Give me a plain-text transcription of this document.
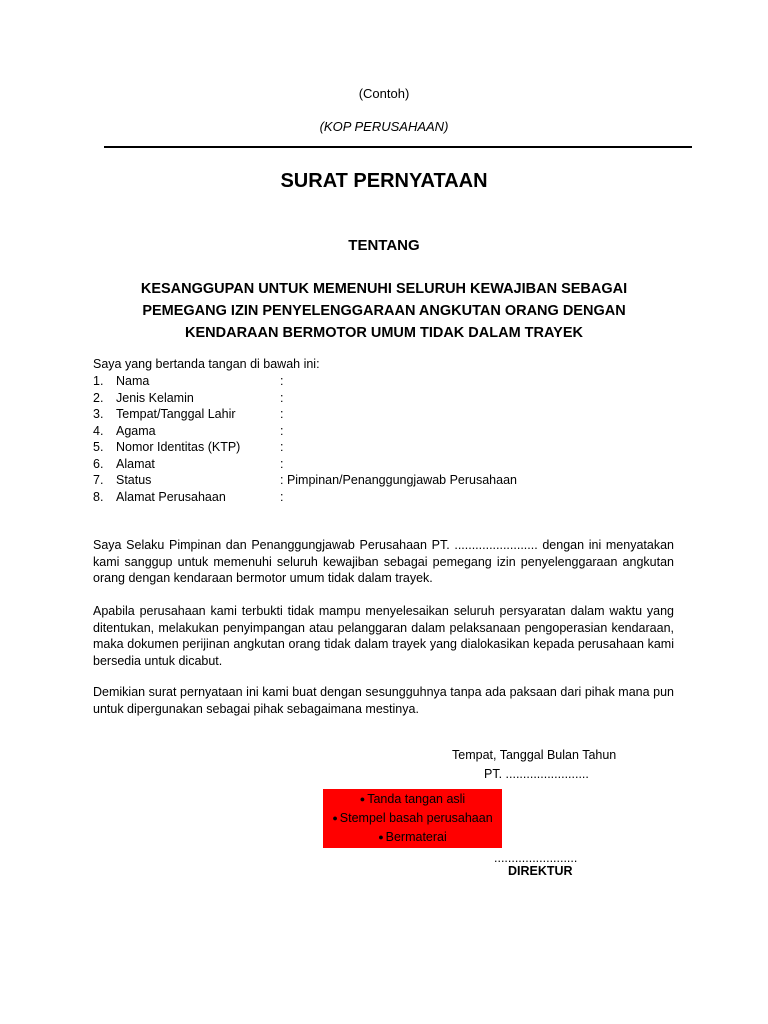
(Contoh)
(KOP PERUSAHAAN)
SURAT PERNYATAAN
TENTANG
KESANGGUPAN UNTUK MEMENUHI SELURUH KEWAJIBAN SEBAGAI
PEMEGANG IZIN PENYELENGGARAAN ANGKUTAN ORANG DENGAN
KENDARAAN BERMOTOR UMUM TIDAK DALAM TRAYEK
Saya yang bertanda tangan di bawah ini:
1.	Nama	:
2.	Jenis Kelamin	:
3.	Tempat/Tanggal Lahir	:
4.	Agama	:
5.	Nomor Identitas (KTP)	:
6.	Alamat	:
7.	Status	: Pimpinan/Penanggungjawab Perusahaan
8.	Alamat Perusahaan	:
Saya Selaku Pimpinan dan Penanggungjawab Perusahaan PT. ........................ dengan ini menyatakan kami sanggup untuk memenuhi seluruh kewajiban sebagai pemegang izin penyelenggaraan angkutan orang dengan kendaraan bermotor umum tidak dalam trayek.
Apabila perusahaan kami terbukti tidak mampu menyelesaikan seluruh persyaratan dalam waktu yang ditentukan, melakukan penyimpangan atau pelanggaran dalam pelaksanaan pengoperasian kendaraan, maka dokumen perijinan angkutan orang tidak dalam trayek yang dialokasikan kepada perusahaan kami bersedia untuk dicabut.
Demikian surat pernyataan ini kami buat dengan sesungguhnya tanpa ada paksaan dari pihak mana pun untuk dipergunakan sebagai pihak sebagaimana mestinya.
Tempat, Tanggal Bulan Tahun
PT. ........................
● Tanda tangan asli
● Stempel basah perusahaan
● Bermaterai
........................
DIREKTUR
